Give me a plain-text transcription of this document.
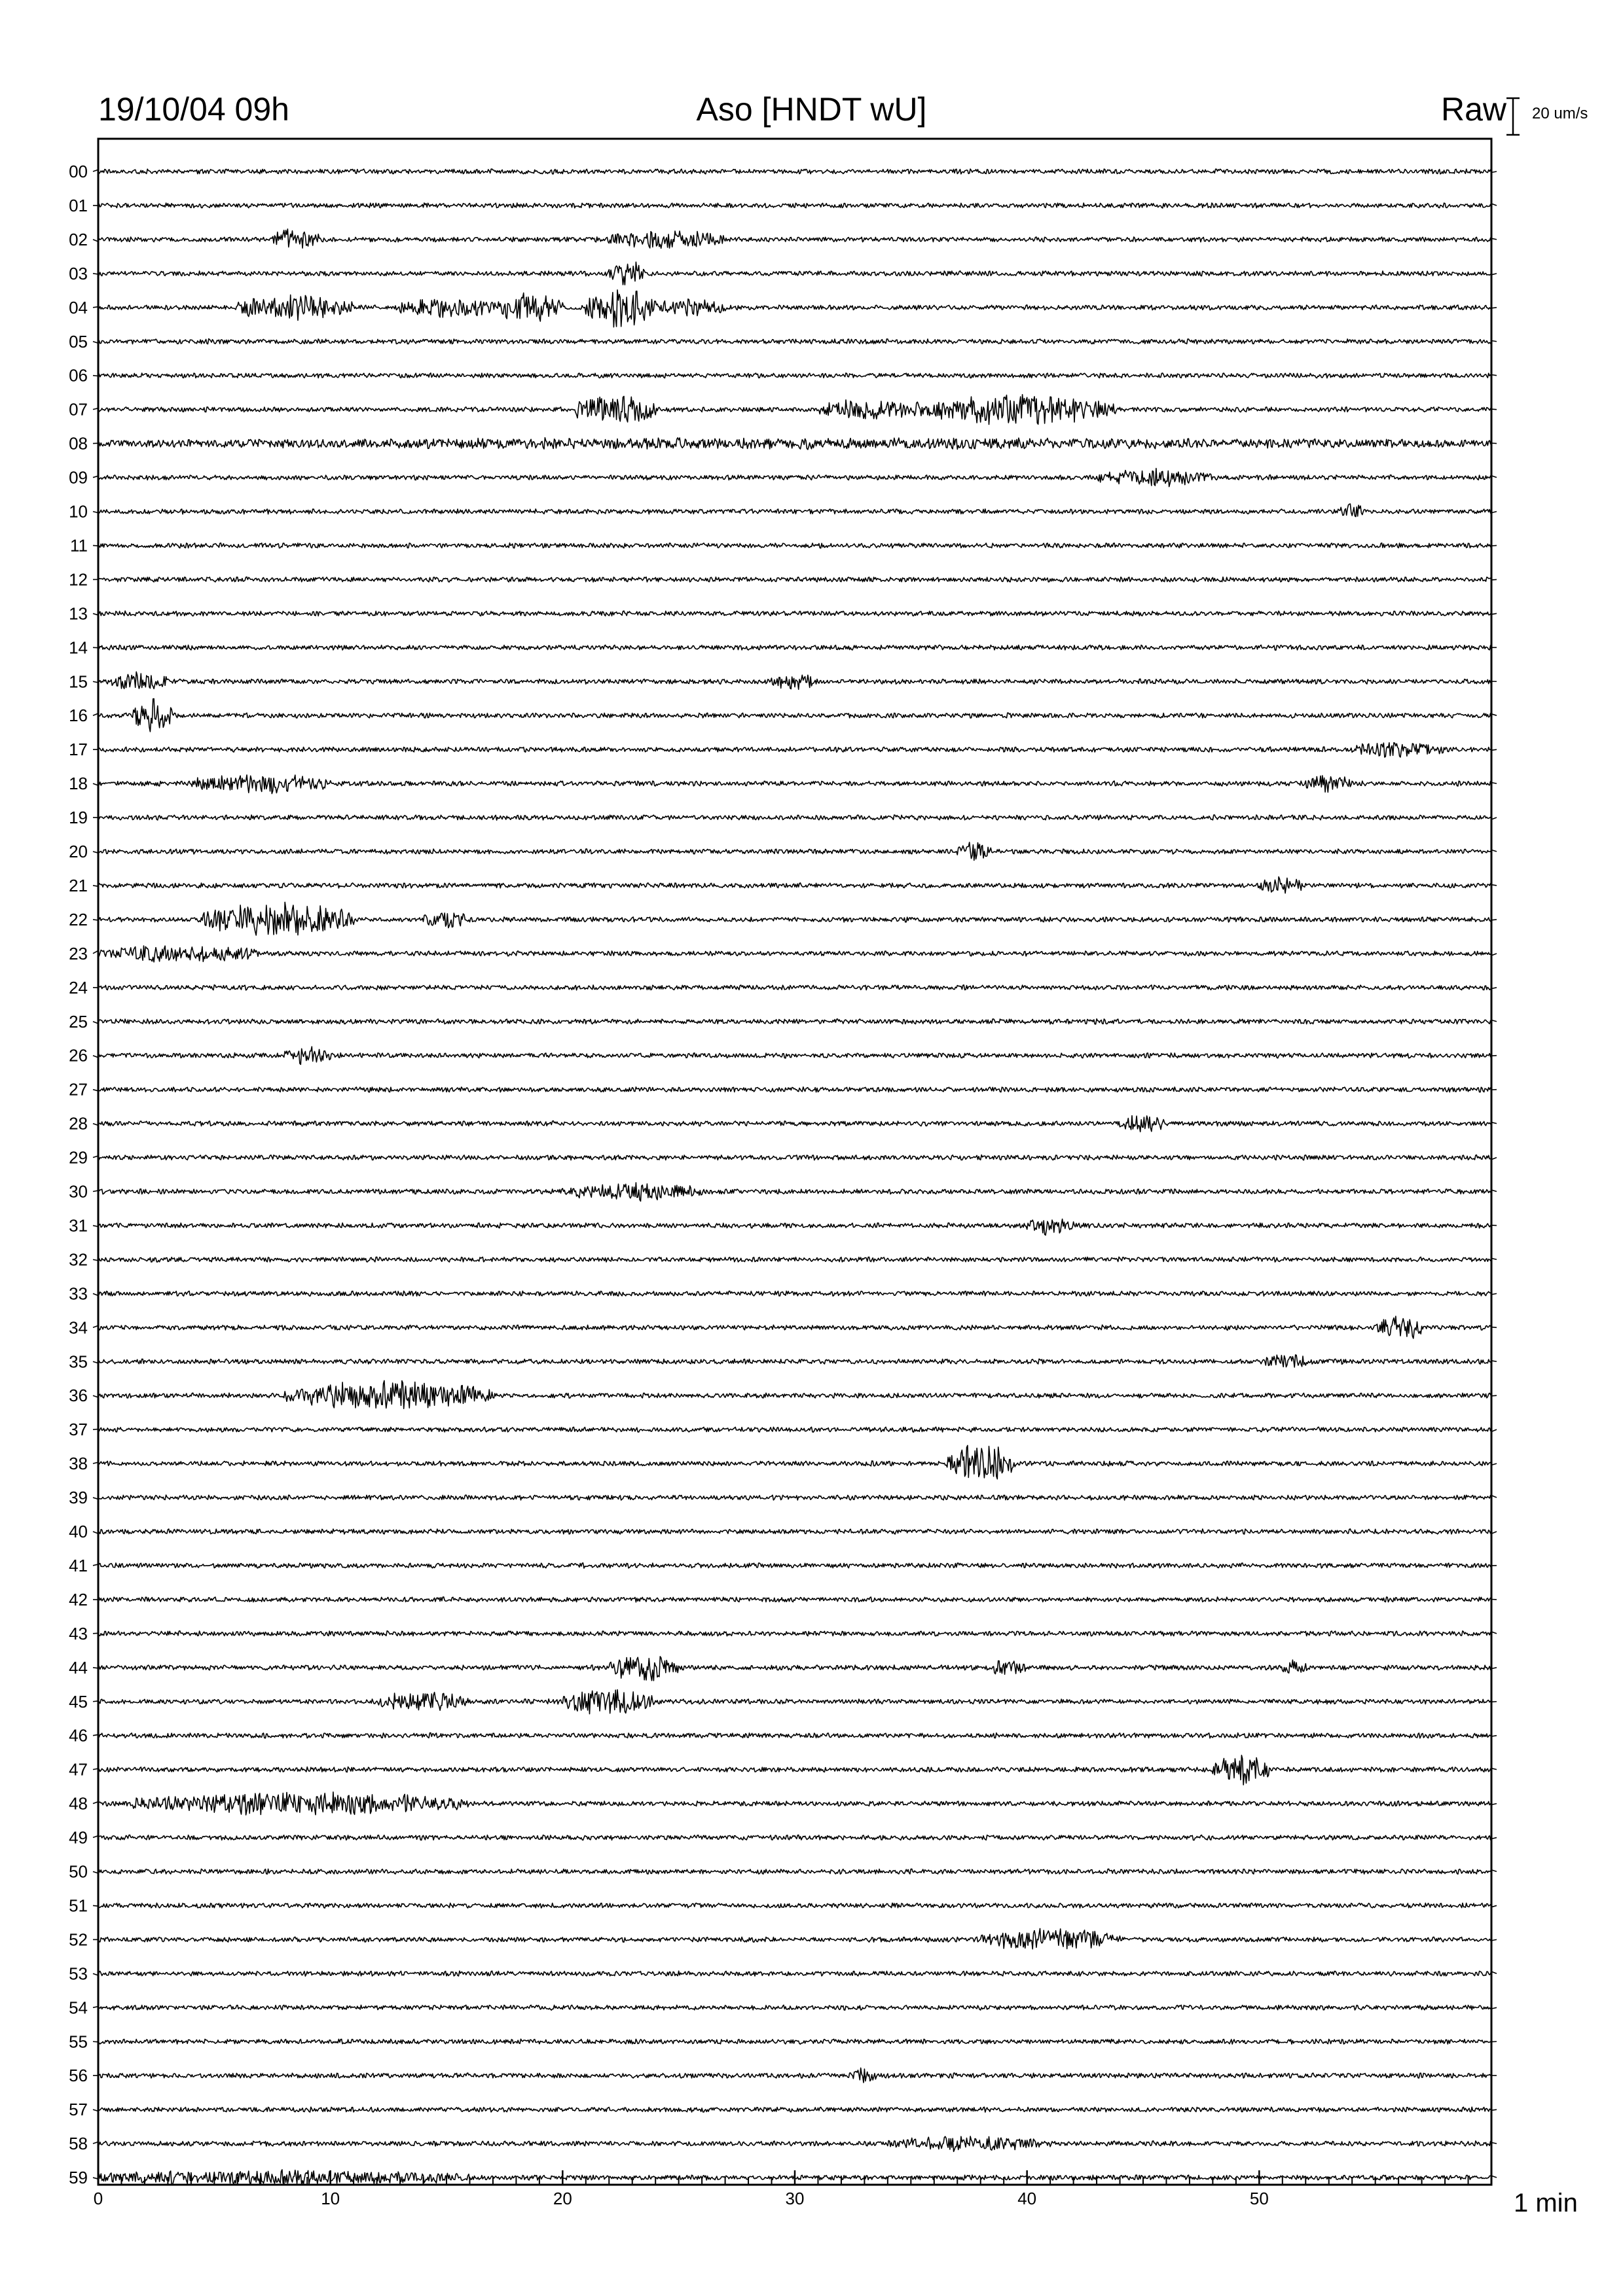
00
01
02
03
04
05
06
07
08
09
10
11
12
13
14
15
16
17
18
19
20
21
22
23
24
25
26
27
28
29
30
31
32
33
34
35
36
37
38
39
40
41
42
43
44
45
46
47
48
49
50
51
52
53
54
55
56
57
58
59
0	10	20	30	40	50
19/10/04 09h	Aso [HNDT wU]	Raw 20 um/s
1 min
